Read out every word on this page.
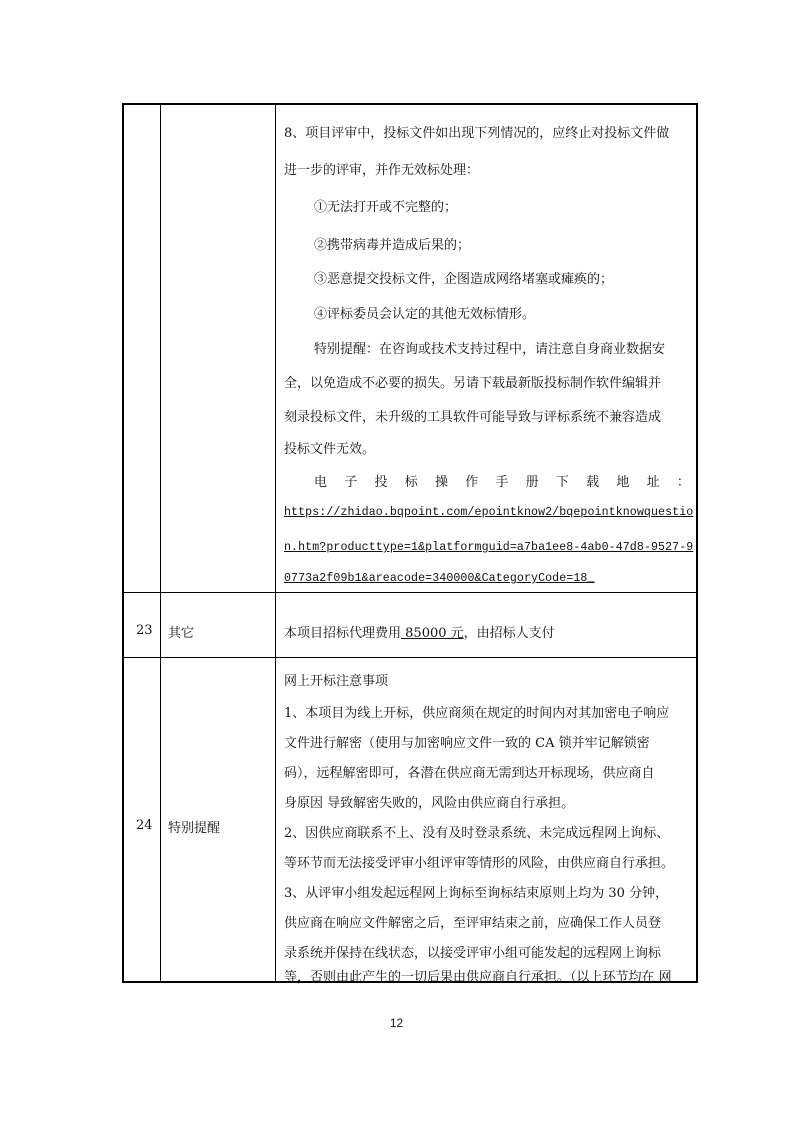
8、项目评审中，投标文件如出现下列情况的，应终止对投标文件做
进一步的评审，并作无效标处理：
①无法打开或不完整的；
②携带病毒并造成后果的；
③恶意提交投标文件，企图造成网络堵塞或瘫痪的；
④评标委员会认定的其他无效标情形。
特别提醒：在咨询或技术支持过程中，请注意自身商业数据安
全，以免造成不必要的损失。另请下载最新版投标制作软件编辑并
刻录投标文件，未升级的工具软件可能导致与评标系统不兼容造成
投标文件无效。
电 子 投 标 操 作 手 册 下 载 地 址 ：
https://zhidao.bqpoint.com/epointknow2/bqepointknowquestio
n.htm?producttype=1&platformguid=a7ba1ee8-4ab0-47d8-9527-9
0773a2f09b1&areacode=340000&CategoryCode=18_
23 其它	本项目招标代理费用 85000 元，由招标人支付
24 特别提醒
网上开标注意事项
1、本项目为线上开标，供应商须在规定的时间内对其加密电子响应
文件进行解密（使用与加密响应文件一致的 CA 锁并牢记解锁密
码），远程解密即可，各潜在供应商无需到达开标现场，供应商自
身原因 导致解密失败的，风险由供应商自行承担。
2、因供应商联系不上、没有及时登录系统、未完成远程网上询标、
等环节而无法接受评审小组评审等情形的风险，由供应商自行承担。
3、从评审小组发起远程网上询标至询标结束原则上均为 30 分钟，
供应商在响应文件解密之后，至评审结束之前，应确保工作人员登
录系统并保持在线状态，以接受评审小组可能发起的远程网上询标
等，否则由此产生的一切后果由供应商自行承担。（以上环节均在 网
12
